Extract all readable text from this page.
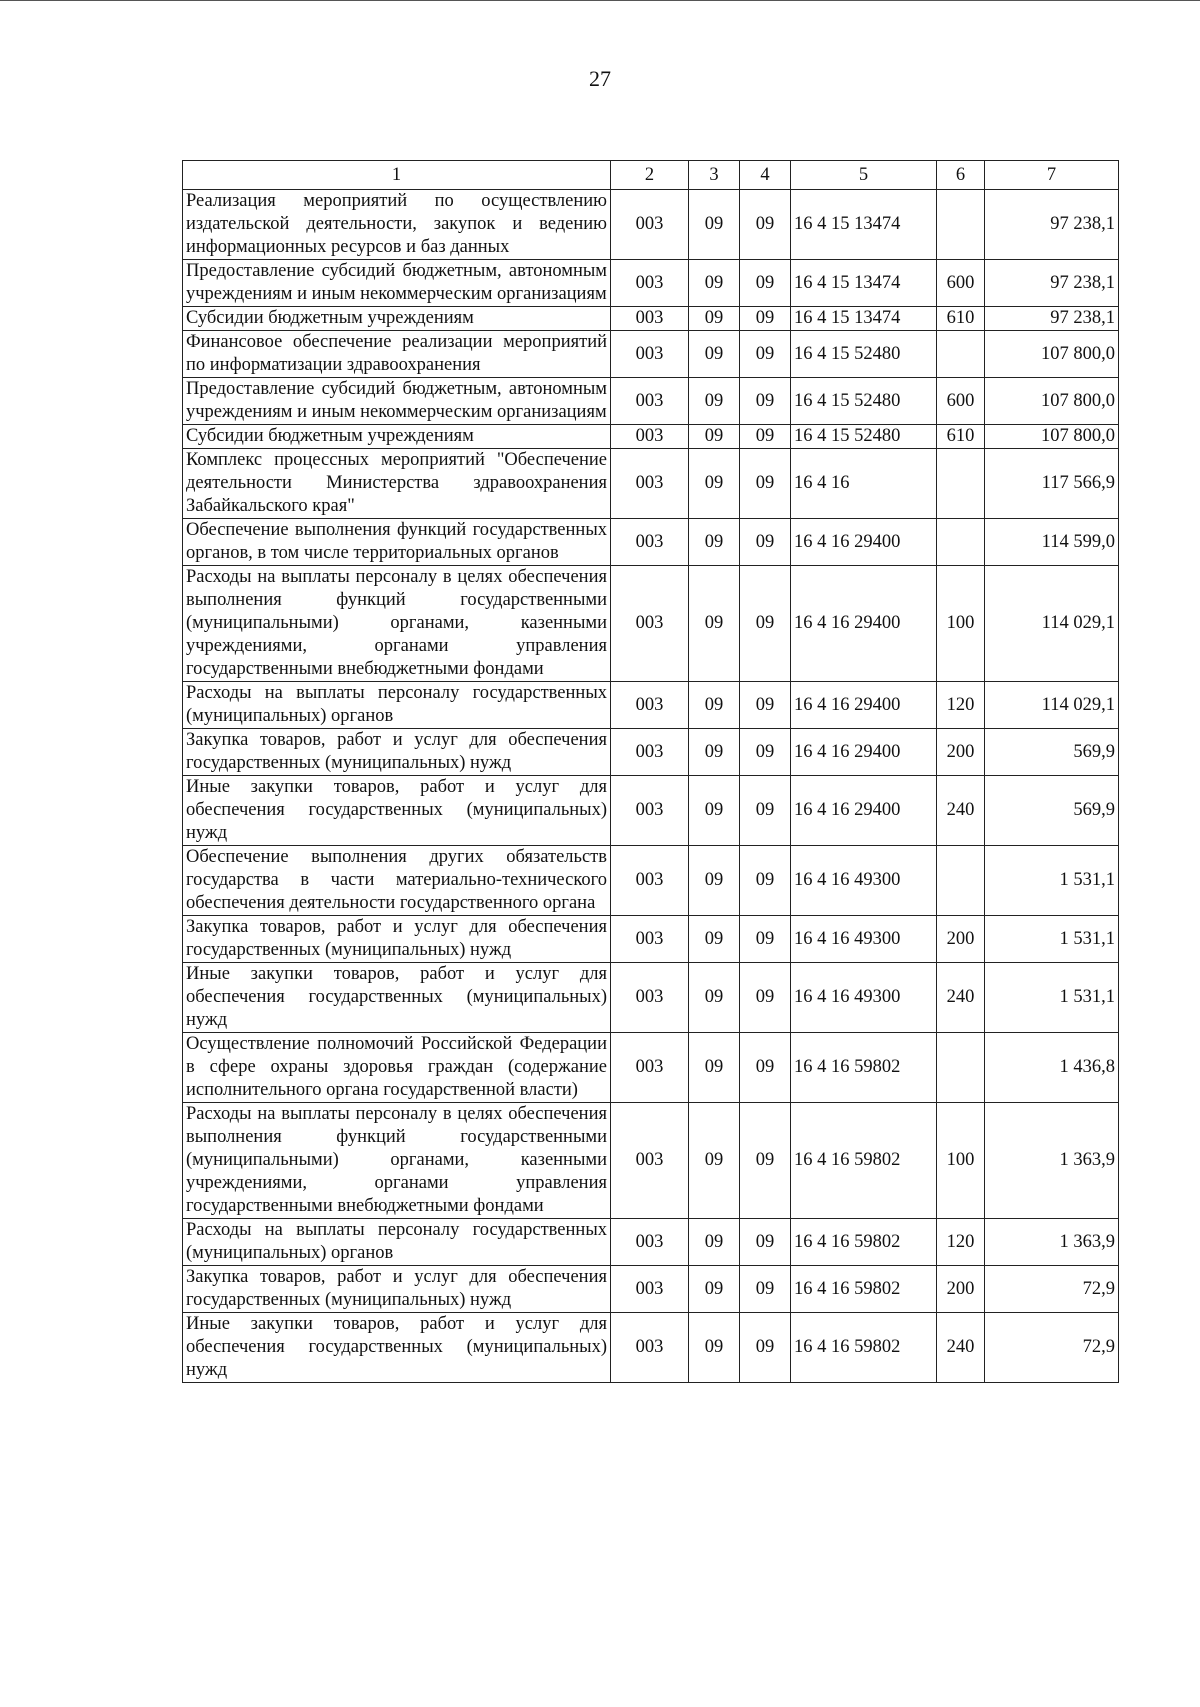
27
1	2	3	4	5	6	7
Реализация мероприятий по осуществлению издательской деятельности, закупок и ведению информационных ресурсов и баз данных	003	09	09	16 4 15 13474		97 238,1
Предоставление субсидий бюджетным, автономным учреждениям и иным некоммерческим организациям	003	09	09	16 4 15 13474	600	97 238,1
Субсидии бюджетным учреждениям	003	09	09	16 4 15 13474	610	97 238,1
Финансовое обеспечение реализации мероприятий по информатизации здравоохранения	003	09	09	16 4 15 52480		107 800,0
Предоставление субсидий бюджетным, автономным учреждениям и иным некоммерческим организациям	003	09	09	16 4 15 52480	600	107 800,0
Субсидии бюджетным учреждениям	003	09	09	16 4 15 52480	610	107 800,0
Комплекс процессных мероприятий "Обеспечение деятельности Министерства здравоохранения Забайкальского края"	003	09	09	16 4 16		117 566,9
Обеспечение выполнения функций государственных органов, в том числе территориальных органов	003	09	09	16 4 16 29400		114 599,0
Расходы на выплаты персоналу в целях обеспечения выполнения функций государственными (муниципальными) органами, казенными учреждениями, органами управления государственными внебюджетными фондами	003	09	09	16 4 16 29400	100	114 029,1
Расходы на выплаты персоналу государственных (муниципальных) органов	003	09	09	16 4 16 29400	120	114 029,1
Закупка товаров, работ и услуг для обеспечения государственных (муниципальных) нужд	003	09	09	16 4 16 29400	200	569,9
Иные закупки товаров, работ и услуг для обеспечения государственных (муниципальных) нужд	003	09	09	16 4 16 29400	240	569,9
Обеспечение выполнения других обязательств государства в части материально-технического обеспечения деятельности государственного органа	003	09	09	16 4 16 49300		1 531,1
Закупка товаров, работ и услуг для обеспечения государственных (муниципальных) нужд	003	09	09	16 4 16 49300	200	1 531,1
Иные закупки товаров, работ и услуг для обеспечения государственных (муниципальных) нужд	003	09	09	16 4 16 49300	240	1 531,1
Осуществление полномочий Российской Федерации в сфере охраны здоровья граждан (содержание исполнительного органа государственной власти)	003	09	09	16 4 16 59802		1 436,8
Расходы на выплаты персоналу в целях обеспечения выполнения функций государственными (муниципальными) органами, казенными учреждениями, органами управления государственными внебюджетными фондами	003	09	09	16 4 16 59802	100	1 363,9
Расходы на выплаты персоналу государственных (муниципальных) органов	003	09	09	16 4 16 59802	120	1 363,9
Закупка товаров, работ и услуг для обеспечения государственных (муниципальных) нужд	003	09	09	16 4 16 59802	200	72,9
Иные закупки товаров, работ и услуг для обеспечения государственных (муниципальных) нужд	003	09	09	16 4 16 59802	240	72,9
